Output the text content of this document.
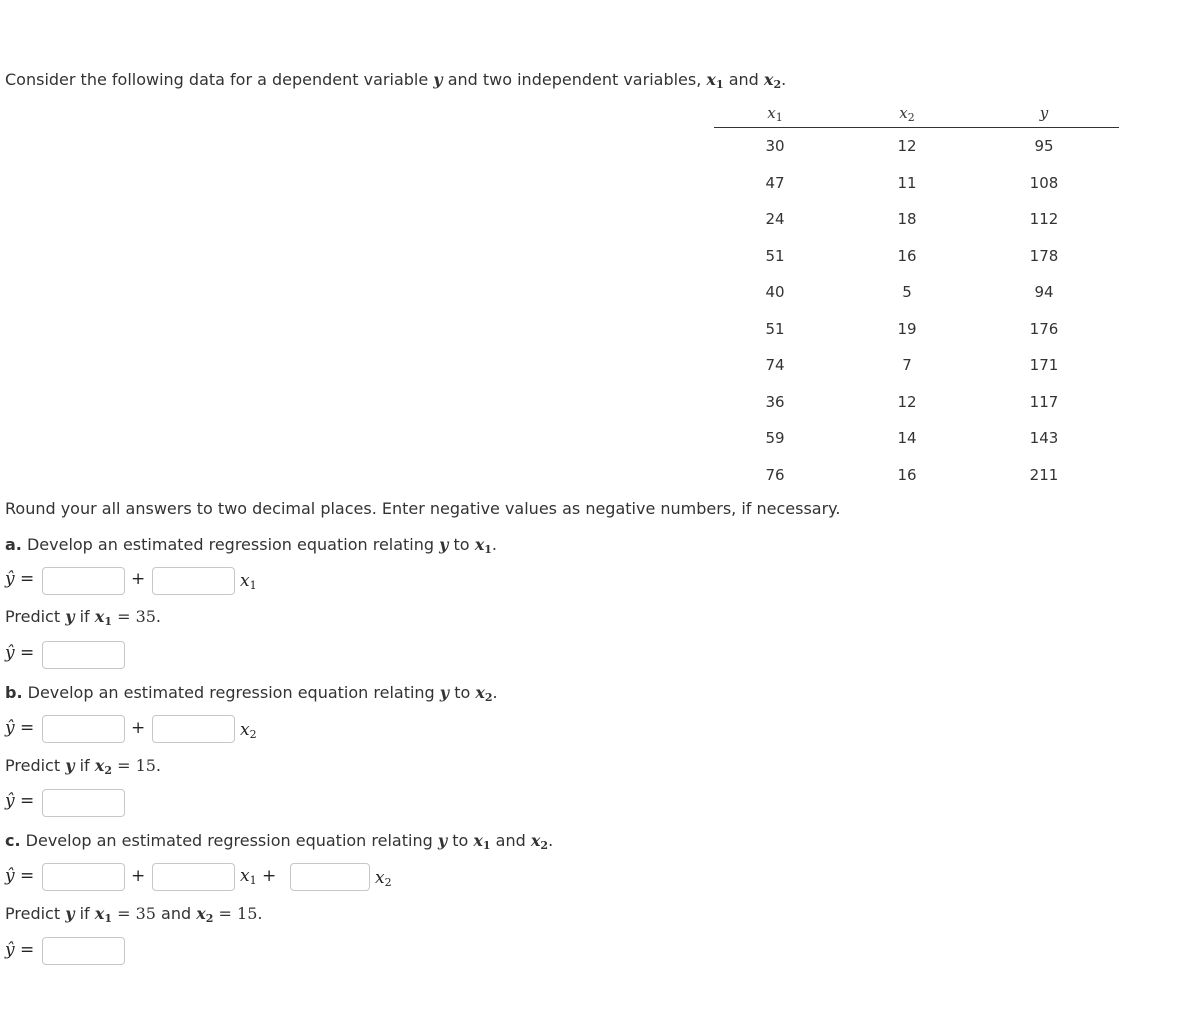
Consider the following data for a dependent variable y and two independent variables, $x_1$ and $x_2$.
$x_1$	$x_2$	y
30	12	95
47	11	108
24	18	112
51	16	178
40	5	94
51	19	176
74	7	171
36	12	117
59	14	143
76	16	211
Round your all answers to two decimal places. Enter negative values as negative numbers, if necessary.
a. Develop an estimated regression equation relating y to $x_1$.
ŷ =	+	$x_1$
Predict y if $x_1 = 35$.
ŷ =
b. Develop an estimated regression equation relating y to $x_2$.
ŷ =	+	$x_2$
Predict y if $x_2 = 15$.
ŷ =
c. Develop an estimated regression equation relating y to $x_1$ and $x_2$.
ŷ =	+	$x_1$ +	$x_2$
Predict y if $x_1 = 35$ and $x_2 = 15$.
ŷ =
